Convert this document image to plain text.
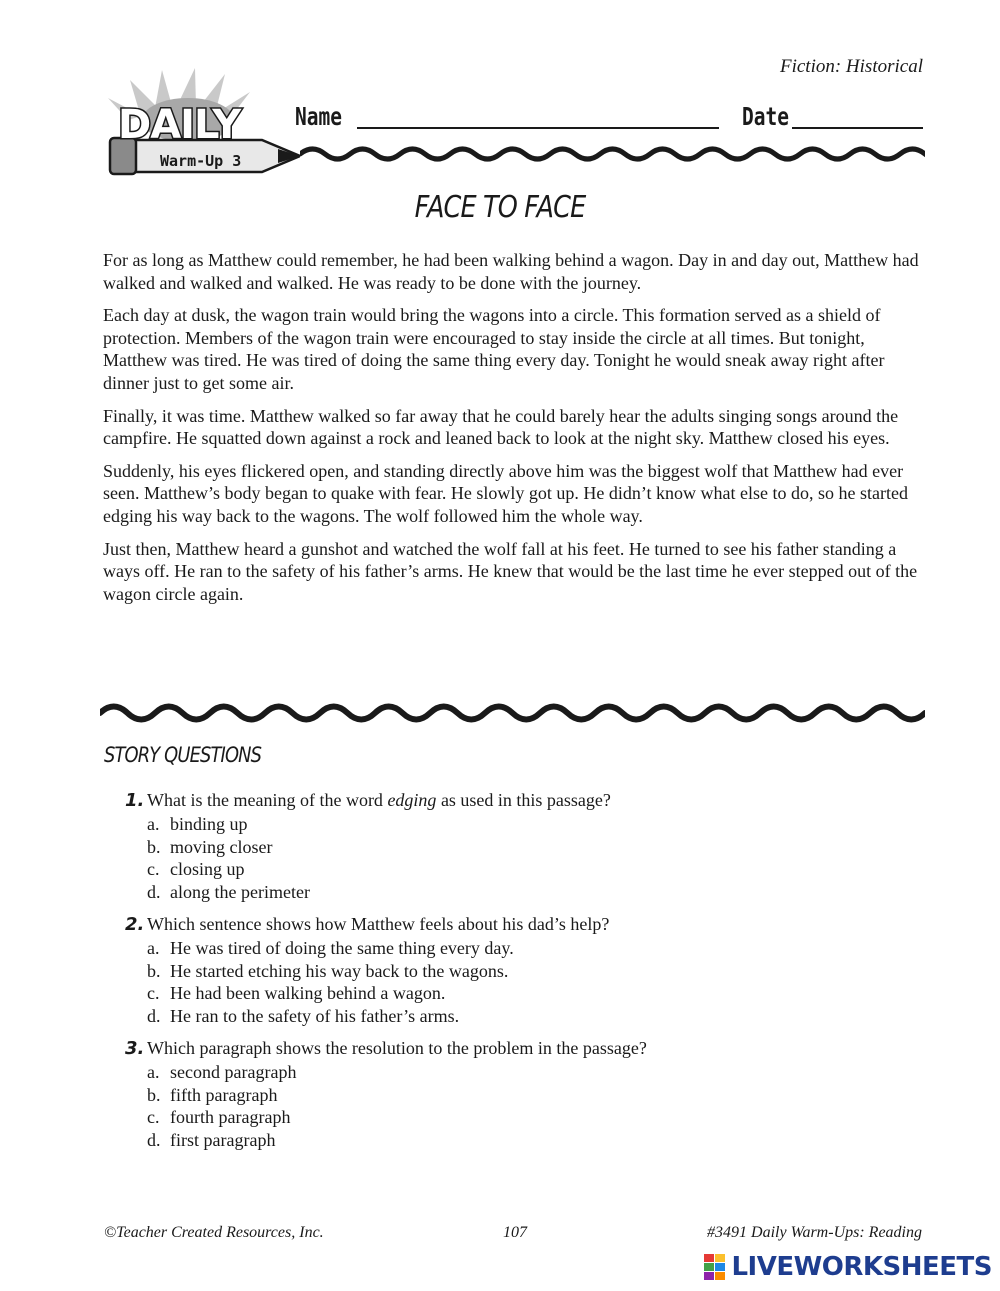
Fiction: Historical
DAILY
Warm-Up 3
Name	Date
FACE TO FACE

For as long as Matthew could remember, he had been walking behind a wagon. Day in and day out, Matthew had walked and walked and walked. He was ready to be done with the journey.

Each day at dusk, the wagon train would bring the wagons into a circle. This formation served as a shield of protection. Members of the wagon train were encouraged to stay inside the circle at all times. But tonight, Matthew was tired. He was tired of doing the same thing every day. Tonight he would sneak away right after dinner just to get some air.

Finally, it was time. Matthew walked so far away that he could barely hear the adults singing songs around the campfire. He squatted down against a rock and leaned back to look at the night sky. Matthew closed his eyes.

Suddenly, his eyes flickered open, and standing directly above him was the biggest wolf that Matthew had ever seen. Matthew’s body began to quake with fear. He slowly got up. He didn’t know what else to do, so he started edging his way back to the wagons. The wolf followed him the whole way.

Just then, Matthew heard a gunshot and watched the wolf fall at his feet. He turned to see his father standing a ways off. He ran to the safety of his father’s arms. He knew that would be the last time he ever stepped out of the wagon circle again.

STORY QUESTIONS
1. What is the meaning of the word edging as used in this passage?
a. binding up
b. moving closer
c. closing up
d. along the perimeter
2. Which sentence shows how Matthew feels about his dad’s help?
a. He was tired of doing the same thing every day.
b. He started etching his way back to the wagons.
c. He had been walking behind a wagon.
d. He ran to the safety of his father’s arms.
3. Which paragraph shows the resolution to the problem in the passage?
a. second paragraph
b. fifth paragraph
c. fourth paragraph
d. first paragraph
©Teacher Created Resources, Inc.	107	#3491 Daily Warm-Ups: Reading
LIVEWORKSHEETS
